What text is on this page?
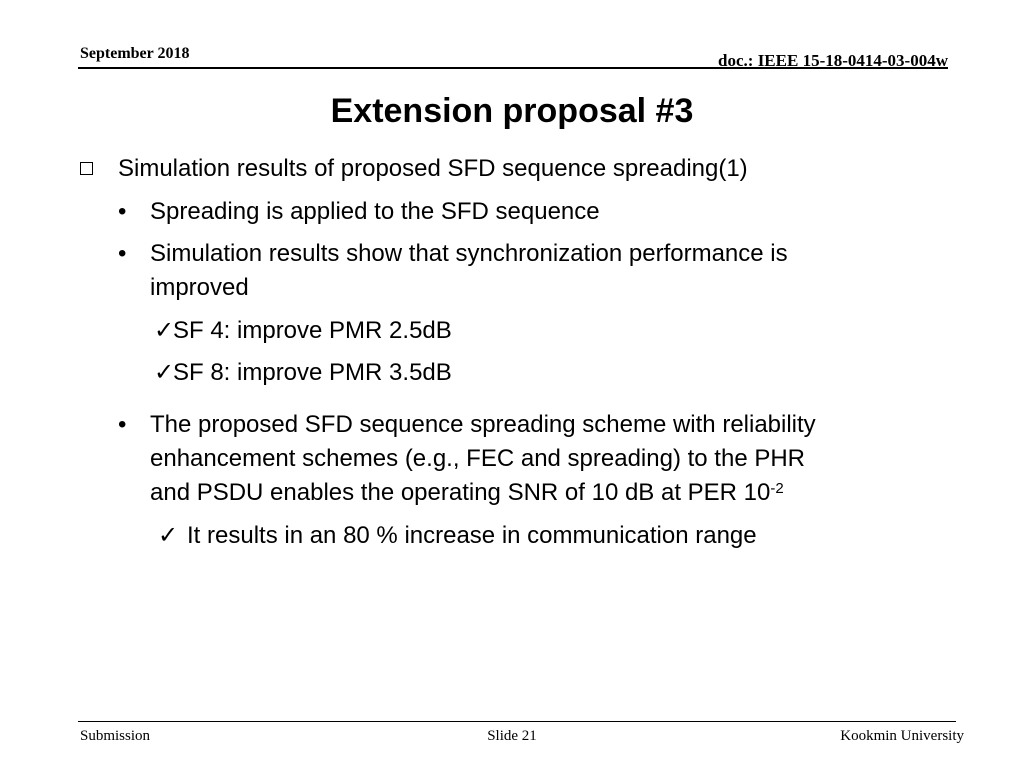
September 2018	doc.: IEEE 15-18-0414-03-004w
Extension proposal #3
Simulation results of proposed SFD sequence spreading(1)
• Spreading is applied to the SFD sequence
• Simulation results show that synchronization performance is
improved
✓
SF 4: improve PMR 2.5dB
✓
SF 8: improve PMR 3.5dB
• The proposed SFD sequence spreading scheme with reliability
enhancement schemes (e.g., FEC and spreading) to the PHR
and PSDU enables the operating SNR of 10 dB at PER $10^{-2}$
✓ It results in an 80 % increase in communication range
Submission	Slide 21	Kookmin University
